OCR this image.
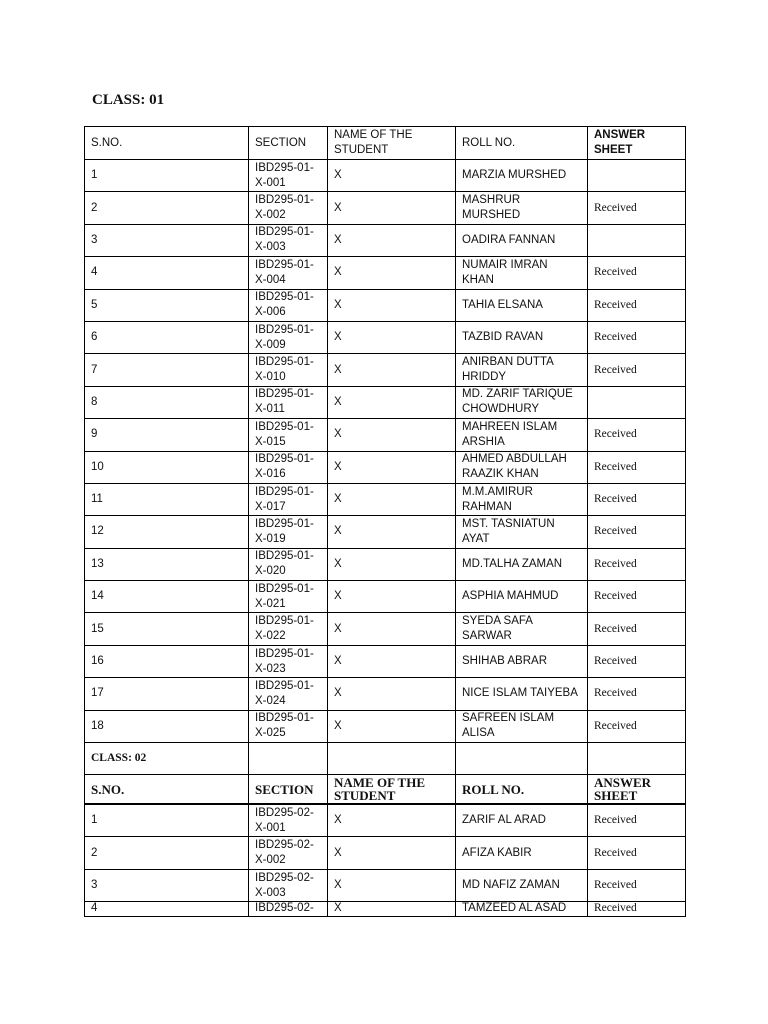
CLASS: 01
S.NO.	SECTION	NAME OF THE STUDENT	ROLL NO.	ANSWER SHEET
1	IBD295-01-X-001	X	MARZIA MURSHED	
2	IBD295-01-X-002	X	MASHRUR MURSHED	Received
3	IBD295-01-X-003	X	OADIRA FANNAN	
4	IBD295-01-X-004	X	NUMAIR IMRAN KHAN	Received
5	IBD295-01-X-006	X	TAHIA ELSANA	Received
6	IBD295-01-X-009	X	TAZBID RAVAN	Received
7	IBD295-01-X-010	X	ANIRBAN DUTTA HRIDDY	Received
8	IBD295-01-X-011	X	MD. ZARIF TARIQUE CHOWDHURY	
9	IBD295-01-X-015	X	MAHREEN ISLAM ARSHIA	Received
10	IBD295-01-X-016	X	AHMED ABDULLAH RAAZIK KHAN	Received
11	IBD295-01-X-017	X	M.M.AMIRUR RAHMAN	Received
12	IBD295-01-X-019	X	MST. TASNIATUN AYAT	Received
13	IBD295-01-X-020	X	MD.TALHA ZAMAN	Received
14	IBD295-01-X-021	X	ASPHIA MAHMUD	Received
15	IBD295-01-X-022	X	SYEDA SAFA SARWAR	Received
16	IBD295-01-X-023	X	SHIHAB ABRAR	Received
17	IBD295-01-X-024	X	NICE ISLAM TAIYEBA	Received
18	IBD295-01-X-025	X	SAFREEN ISLAM ALISA	Received
CLASS: 02				
S.NO.	SECTION	NAME OF THE STUDENT	ROLL NO.	ANSWER SHEET
1	IBD295-02-X-001	X	ZARIF AL ARAD	Received
2	IBD295-02-X-002	X	AFIZA KABIR	Received
3	IBD295-02-X-003	X	MD NAFIZ ZAMAN	Received
4	IBD295-02-	X	TAMZEED AL ASAD	Received
